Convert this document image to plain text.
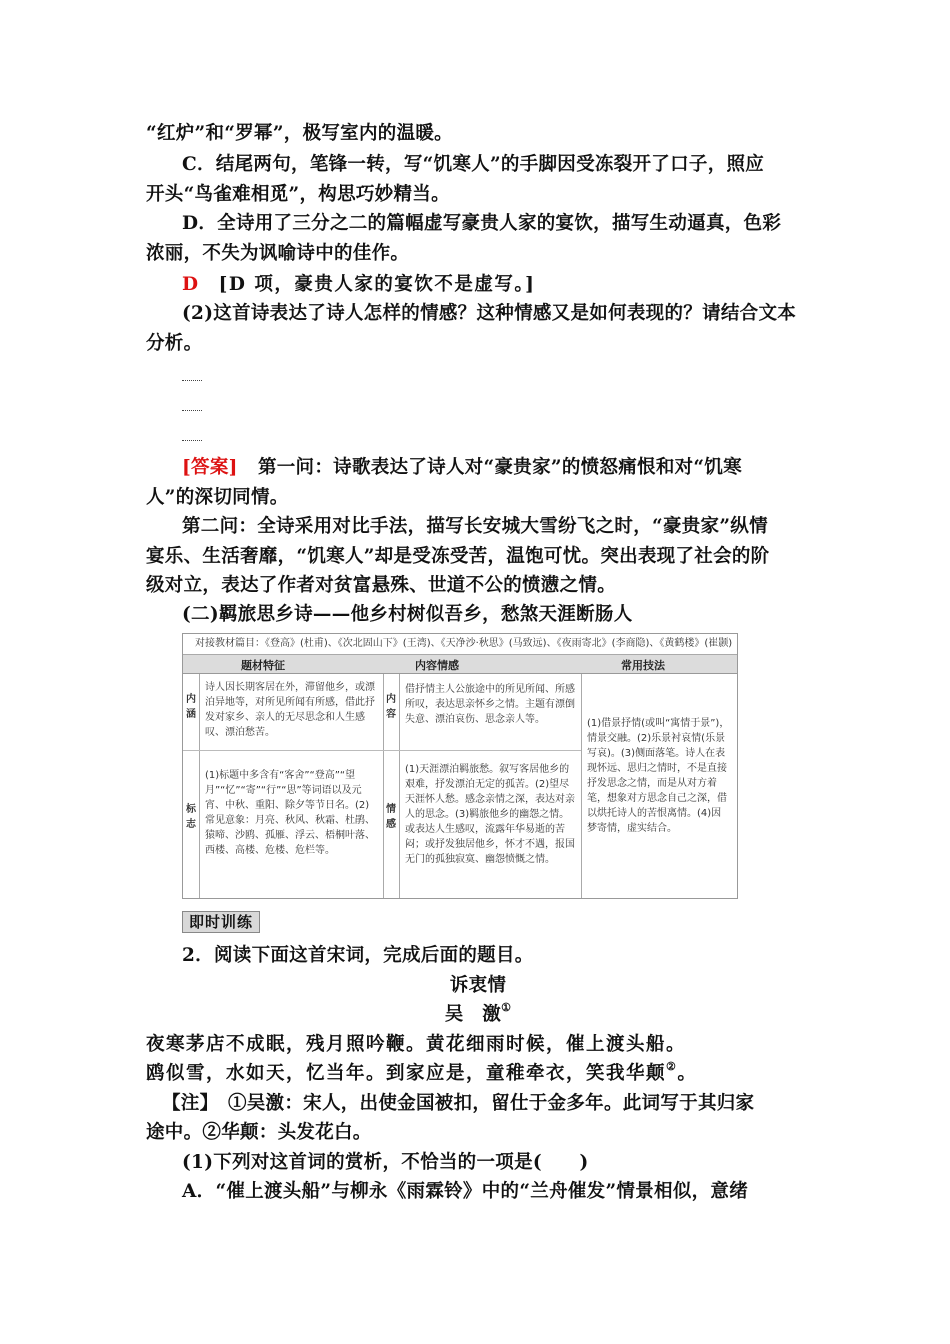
“红炉”和“罗幂”，极写室内的温暖。
C．结尾两句，笔锋一转，写“饥寒人”的手脚因受冻裂开了口子，照应
开头“鸟雀难相觅”，构思巧妙精当。
D．全诗用了三分之二的篇幅虚写豪贵人家的宴饮，描写生动逼真，色彩
浓丽，不失为讽喻诗中的佳作。
D [D 项，豪贵人家的宴饮不是虚写。]
(2)这首诗表达了诗人怎样的情感？这种情感又是如何表现的？请结合文本
分析。
[答案] 第一问：诗歌表达了诗人对“豪贵家”的愤怒痛恨和对“饥寒
人”的深切同情。
第二问：全诗采用对比手法，描写长安城大雪纷飞之时，“豪贵家”纵情
宴乐、生活奢靡，“饥寒人”却是受冻受苦，温饱可忧。突出表现了社会的阶
级对立，表达了作者对贫富悬殊、世道不公的愤懑之情。
(二)羁旅思乡诗——他乡村树似吾乡，愁煞天涯断肠人
对接教材篇目：《登高》(杜甫)、《次北固山下》(王湾)、《天净沙·秋思》(马致远)、《夜雨寄北》(李商隐)、《黄鹤楼》(崔颢)
题材特征	内容情感	常用技法
内涵
标志
内容
情感
诗人因长期客居在外，滞留他乡，或漂泊异地等，对所见所闻有所感，借此抒发对家乡、亲人的无尽思念和人生感叹、漂泊愁苦。
(1)标题中多含有“客舍”“登高”“望月”“忆”“寄”“行”“思”等词语以及元宵、中秋、重阳、除夕等节日名。(2)常见意象：月亮、秋风、秋霜、杜鹃、猿啼、沙鸥、孤雁、浮云、梧桐叶落、西楼、高楼、危楼、危栏等。
借抒情主人公旅途中的所见所闻、所感所叹，表达思亲怀乡之情。主题有漂倒失意、漂泊哀伤、思念亲人等。
(1)天涯漂泊羁旅愁。叙写客居他乡的艰难，抒发漂泊无定的孤苦。(2)望尽天涯怀人愁。感念亲情之深，表达对亲人的思念。(3)羁旅他乡的幽怨之情。或表达人生感叹，流露年华易逝的苦闷；或抒发独居他乡，怀才不遇，报国无门的孤独寂寞、幽怨愤慨之情。
(1)借景抒情(或叫“寓情于景”)，情景交融。(2)乐景衬哀情(乐景写哀)。(3)侧面落笔。诗人在表现怀远、思归之情时，不是直接抒发思念之情，而是从对方着笔，想象对方思念自己之深，借以烘托诗人的苦恨离情。(4)因梦寄情，虚实结合。
即时训练
2．阅读下面这首宋词，完成后面的题目。
诉衷情
吴　激①
夜寒茅店不成眠，残月照吟鞭。黄花细雨时候，催上渡头船。
鸥似雪，水如天，忆当年。到家应是，童稚牵衣，笑我华颠②。
【注】　①吴激：宋人，出使金国被扣，留仕于金多年。此词写于其归家
途中。②华颠：头发花白。
(1)下列对这首词的赏析，不恰当的一项是(　　)
A．“催上渡头船”与柳永《雨霖铃》中的“兰舟催发”情景相似，意绪
